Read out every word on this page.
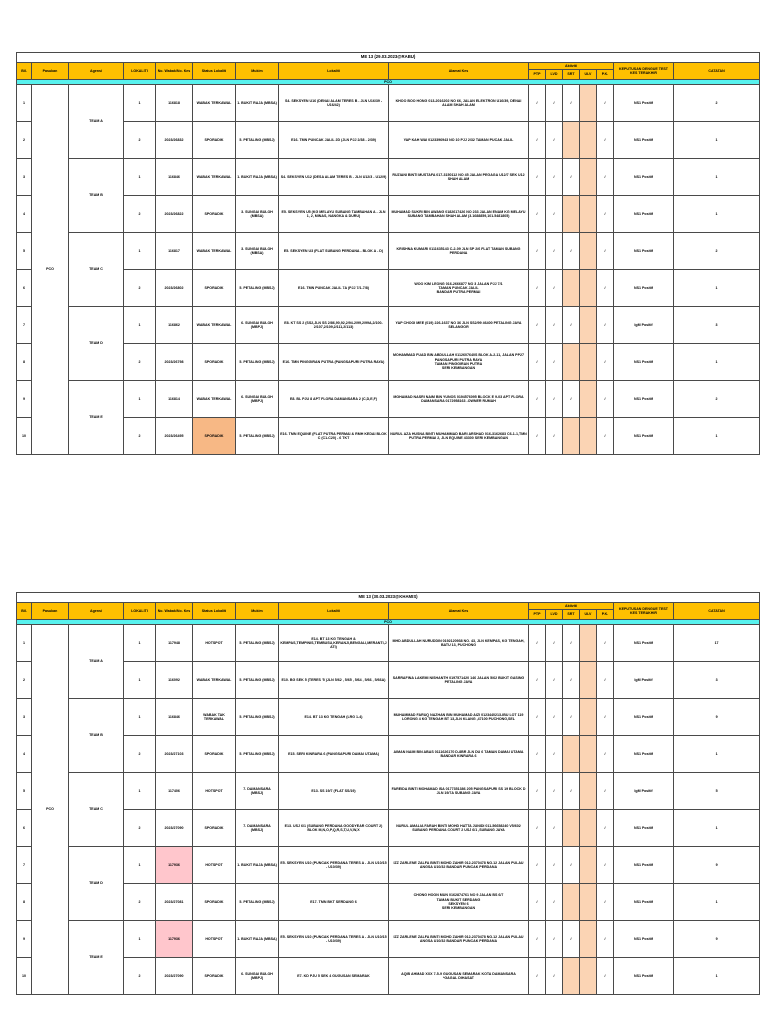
ME 13 (29.03.2023@RABU)															
Bil.	Pasukan	Agensi	LOKALITI	No. Wabak/No. Kes	Status Lokaliti	Mukim	Lokaliti	Alamat Kes	Aktiviti					KEPUTUSAN DENGUE TEST KES TERAKHIR	CATATAN
									PTP	LVD	SRT	ULV	P.K.		
PCO															
1	PCO	TEAM A	1	116818	WABAK TERKAWAL	1. BUKIT RAJA (MBSA)	S4. SEKSYEN U16 (DENAI ALAM TERES B - JLN U16/39 - U16/42)	KHOO BOO HONG 013-2016202 NO 66, JALAN ELEKTRON U16/39, DENAI ALAM SHAH ALAM	/	/	/		/	NS1 Positif	2
2			2	2023/26832	SPORADIK	5. PETALING (MBSJ)	E16. TMN PUNCAK JALIL 2D (JLN PJJ 2/38 - 2/39)	YAP KAH WAI 0123396943 NO 10 PJJ 2/32 TAMAN PUCAK JALIL	/	/			/	NS1 Positif	1
3		TEAM B	1	116846	WABAK TERKAWAL	1. BUKIT RAJA (MBSA)	S4. SEKSYEN U12 (DESA ALAM TERES B - JLN U12/3 - U12/9)	RUZIANI BINTI MUSTAFA 017-3150112 NO 45 JALAN PEGAGA U12/7 SEK U12 SHAH ALAM	/	/	/		/	NS1 Positif	1
4			2	2023/26822	SPORADIK	3. SUNGAI BULOH (MBSA)	E5. SEKSYEN U5 (KG MELAYU SUBANG TAMBAHAN A - JLN 1, 2, MINAS, NANGKA & DURU)	MUHAMAD SUKRI BIN AWANG 0182617426 NO 233 JALAN ENAM KG MELAYU SUBANG TAMBAHAN SHAH ALAM (3.1688859,101.5481805)	/	/			/	NS1 Positif	1
5		TEAM C	1	116817	WABAK TERKAWAL	3. SUNGAI BULOH (MBSA)	E5. SEKSYEN U3 (FLAT SUBANG PERDANA - BLOK A - D)	KRISHNA KUMARI 0111635143 C-2-09 JLN SP 2/6 FLAT TAMAN SUBANG PERDANA	/	/	/		/	NS1 Positif	2
6			2	2023/26802	SPORADIK	5. PETALING (MBSJ)	E16. TMN PUNCAK JALIL 7A (PJJ 7/1-7/8)	WOO KIM LEONG 016-2666877 NO 3 JALAN PJJ 7/1
TAMAN PUNCAK JALIL
BANDAR PUTRA PERMAI	/	/			/	NS1 Positif	1
7		TEAM D	1	116862	WABAK TERKAWAL	6. SUNGAI BULOH (MBPJ)	E8. KT SS 2 (SS2,JLN SS 2/86,90,92,2/94-2/99,2/99A,2/100-2/107,2/109,2/111,2/113)	YAP CHOOI MEE (019) 226-1637 NO 36 JLN SS2/99 46400 PETALING JAYA SELANGOR	/	/	/		/	IgM Positif	3
8			2	2023/26798	SPORADIK	5. PETALING (MBSJ)	E16. TMN PINGGIRAN PUTRA (PANGSAPURI PUTRA RAYA)	MOHAMMAD FUAD BIN ABDULLAH 0112607640S BLOK A-2-11, JALAN PP27
PANGSAPURI PUTRA RAYA
TAMAN PINGGIRAN PUTRA
SERI KEMBANGAN	/	/			/	NS1 Positif	1
9		TEAM E	1	116814	WABAK TERKAWAL	6. SUNGAI BULOH (MBPJ)	E8. BL PJU 8 APT FLORA DAMANSARA 2 (C,D,E,F)	MOHAMAD NASRI NAIM BIN YUNOS 0194576095 BLOCK E 9-03 APT FLORA DAMANSARA 0172958163 -OWNER RUMAH	/	/	/		/	NS1 Positif	2
10			2	2023/26495	SPORADIK	5. PETALING (MBSJ)	E16. TMN EQUINE (FLAT PUTRA PERMAI & RMH KEDAI BLOK C (C1-C20) - 6 TKT	NURUL AZA HUSNA BINTI MUHAMMAD BARI ARSHAD 016-3162683 C6-1-1,TMN PUTRA PERMAI 2, JLN EQUINE 43300 SERI KEMBANGAN	/	/			/	NS1 Positif	1
ME 13 (30.03.2023@KHAMIS)															
Bil.	Pasukan	Agensi	LOKALITI	No. Wabak/No. Kes	Status Lokaliti	Mukim	Lokaliti	Alamat Kes	Aktiviti					KEPUTUSAN DENGUE TEST KES TERAKHIR	CATATAN
									PTP	LVD	SRT	ULV	P.K.		
PCO															
1	PCO	TEAM A	1	117948	HOTSPOT	5. PETALING (MBSJ)	E14. BT 13 KG TENGAH & KEMPAS,TEMPINIS,TEMBUSU,KERANJI,BENGALI,MERANTI,JATI)	MHD ABDULLAH NURUDDIN 0192120938 NO. 43, JLN KEMPAS, KG TENGAH, BATU 13, PUCHONG	/	/	/		/	NS1 Positif	17
2			1	116092	WABAK TERKAWAL	5. PETALING (MBSJ)	E10. BG SEK 5 (TERES '5 )JLN 5/62 , 5/65 , 5/64 , 5/66 , 5/66A)	SARRAFINA LAKEMI NISHANTH 0197571420 146 JALAN 5/62 BUKIT GASING PETALING JAYA	/	/	/		/	IgM Positif	3
3		TEAM B	1	116846	WABAK TAK TERKAWAL	5. PETALING (MBSJ)	E14. BT 13 KG TENGAH (LRG 1-4)	MUHAMMAD FARUQ NAZHAN BIN MUHAMAD AIZI 0123440213-IBU LOT 119 LORONG 4 KG TENGAH BT 13,JLN KLANG ,47100 PUCHONG,SEL	/	/	/		/	NS1 Positif	9
4			2	2023/27103	SPORADIK	5. PETALING (MBSJ)	E15. SERI KINRARA 6 (PANGSAPURI DAMAI UTAMA)	AIMAN NAIM BIN ABAS 0111626170 D-8BR JLN DU 6 TAMAN DAMAI UTAMA BANDAR KINRARA 6	/	/			/	NS1 Positif	1
5		TEAM C	1	117406	HOTSPOT	7. DAMANSARA (MBSJ)	E13. SS 19/7 (FLAT SS/19)	FAREIDA BINTI MOHAMAD ISA 0177351386 205 PANGSAPURI SS 19 BLOCK D JLN 19/7A SUBANG JAYA	/	/	/		/	IgM Positif	5
6			2	2023/27090	SPORADIK	7. DAMANSARA (MBSJ)	E13. USJ 6/1 (SUBANG PERDANA GOODYEAR COURT 2) BLOK M,N,O,P,Q,R,S,T,U,V,W,X	NURUL AMALIA FARAH BINTI MOHD HATTA JUNIDI 011-56658240 V5/602 SUBANG PERDANA COURT 2 USJ 6/1 ,SUBANG JAYA	/	/			/	NS1 Positif	1
7		TEAM D	1	117936	HOTSPOT	1. BUKIT RAJA (MBSA)	E5. SEKSYEN U10 (PUNCAK PERDANA TERES A - JLN U10/15 - U10/39)	IZZ ZARLENE ZALFA BINTI MOHD ZAHIR 012-2370478 NO.12 JALAN PULAU ANGSA U10/32 BANDAR PUNCAK PERDANA	/	/	/		/	NS1 Positif	9
8			2	2023/27081	SPORADIK	5. PETALING (MBSJ)	E17. TMN BKT SERDANG 6	CHONG HOON MUN 0162874761 NO 9 JALAN BS 6/7
TAMAN BUKIT SERDANG
SEKSYEN 6
SERI KEMBANGAN	/	/			/	NS1 Positif	1
9		TEAM E	1	117936	HOTSPOT	1. BUKIT RAJA (MBSA)	E5. SEKSYEN U10 (PUNCAK PERDANA TERES A - JLN U10/15 - U10/39)	IZZ ZARLENE ZALFA BINTI MOHD ZAHIR 012-2370478 NO.12 JALAN PULAU ANGSA U10/32 BANDAR PUNCAK PERDANA	/	/	/		/	NS1 Positif	9
10			2	2023/27090	SPORADIK	6. SUNGAI BULOH (MBPJ)	E7. KD PJU 5 SEK 4 GUGUSAN SEMARAK	AQIB AHMAD XXX 7-5-9 GUGUSAN SEMARAK KOTA DAMANSARA
*GAGAL DIHASAT	/	/			/	NS1 Positif	1
